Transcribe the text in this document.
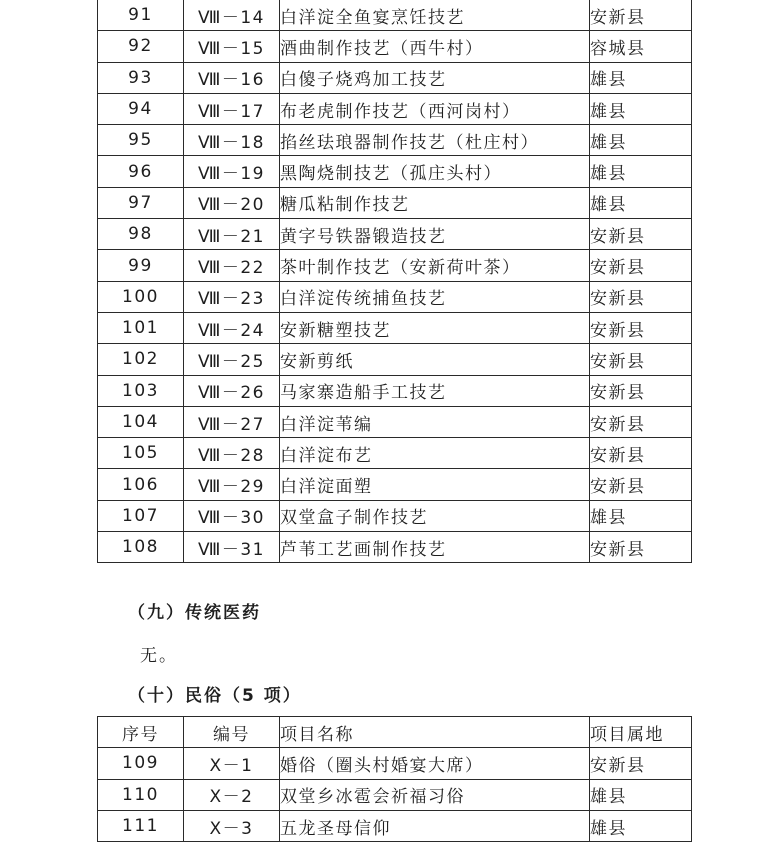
91	Ⅷ－14	白洋淀全鱼宴烹饪技艺	安新县
92	Ⅷ－15	酒曲制作技艺（西牛村）	容城县
93	Ⅷ－16	白傻子烧鸡加工技艺	雄县
94	Ⅷ－17	布老虎制作技艺（西河岗村）	雄县
95	Ⅷ－18	掐丝珐琅器制作技艺（杜庄村）	雄县
96	Ⅷ－19	黑陶烧制技艺（孤庄头村）	雄县
97	Ⅷ－20	糖瓜粘制作技艺	雄县
98	Ⅷ－21	黄字号铁器锻造技艺	安新县
99	Ⅷ－22	茶叶制作技艺（安新荷叶茶）	安新县
100	Ⅷ－23	白洋淀传统捕鱼技艺	安新县
101	Ⅷ－24	安新糖塑技艺	安新县
102	Ⅷ－25	安新剪纸	安新县
103	Ⅷ－26	马家寨造船手工技艺	安新县
104	Ⅷ－27	白洋淀苇编	安新县
105	Ⅷ－28	白洋淀布艺	安新县
106	Ⅷ－29	白洋淀面塑	安新县
107	Ⅷ－30	双堂盒子制作技艺	雄县
108	Ⅷ－31	芦苇工艺画制作技艺	安新县
（九）传统医药
无。
（十）民俗（5 项）
序号	编号	项目名称	项目属地
109	Ⅹ－1	婚俗（圈头村婚宴大席）	安新县
110	Ⅹ－2	双堂乡冰雹会祈福习俗	雄县
111	Ⅹ－3	五龙圣母信仰	雄县
